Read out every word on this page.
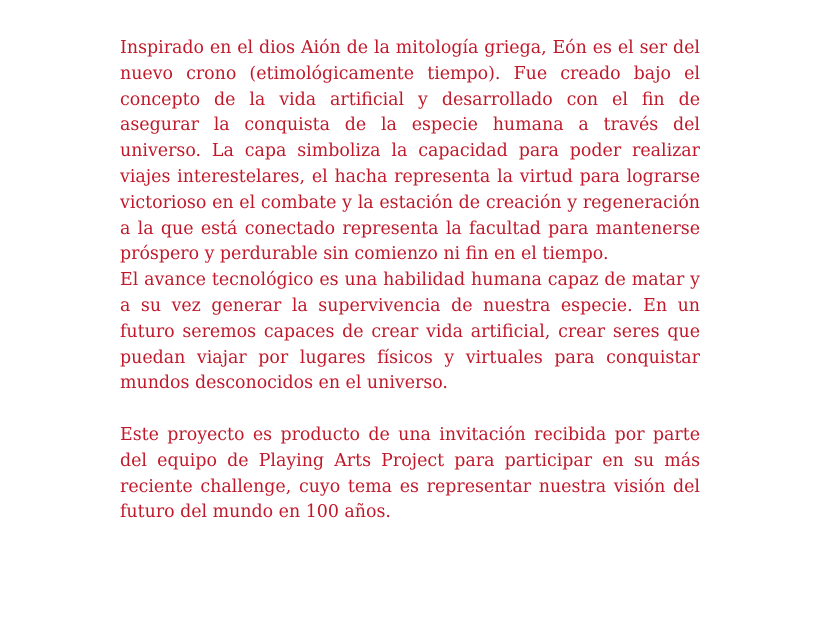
Inspirado en el dios Aión de la mitología griega, Eón es el ser del nuevo crono (etimológicamente tiempo). Fue creado bajo el concepto de la vida artificial y desarrollado con el fin de asegurar la conquista de la especie humana a través del universo. La capa simboliza la capacidad para poder realizar viajes interestelares, el hacha representa la virtud para lograrse victorioso en el combate y la estación de creación y regeneración a la que está conectado representa la facultad para mantenerse próspero y perdurable sin comienzo ni fin en el tiempo.

El avance tecnológico es una habilidad humana capaz de matar y a su vez generar la supervivencia de nuestra especie. En un futuro seremos capaces de crear vida artificial, crear seres que puedan viajar por lugares físicos y virtuales para conquistar mundos desconocidos en el universo.

Este proyecto es producto de una invitación recibida por parte del equipo de Playing Arts Project para participar en su más reciente challenge, cuyo tema es representar nuestra visión del futuro del mundo en 100 años.
